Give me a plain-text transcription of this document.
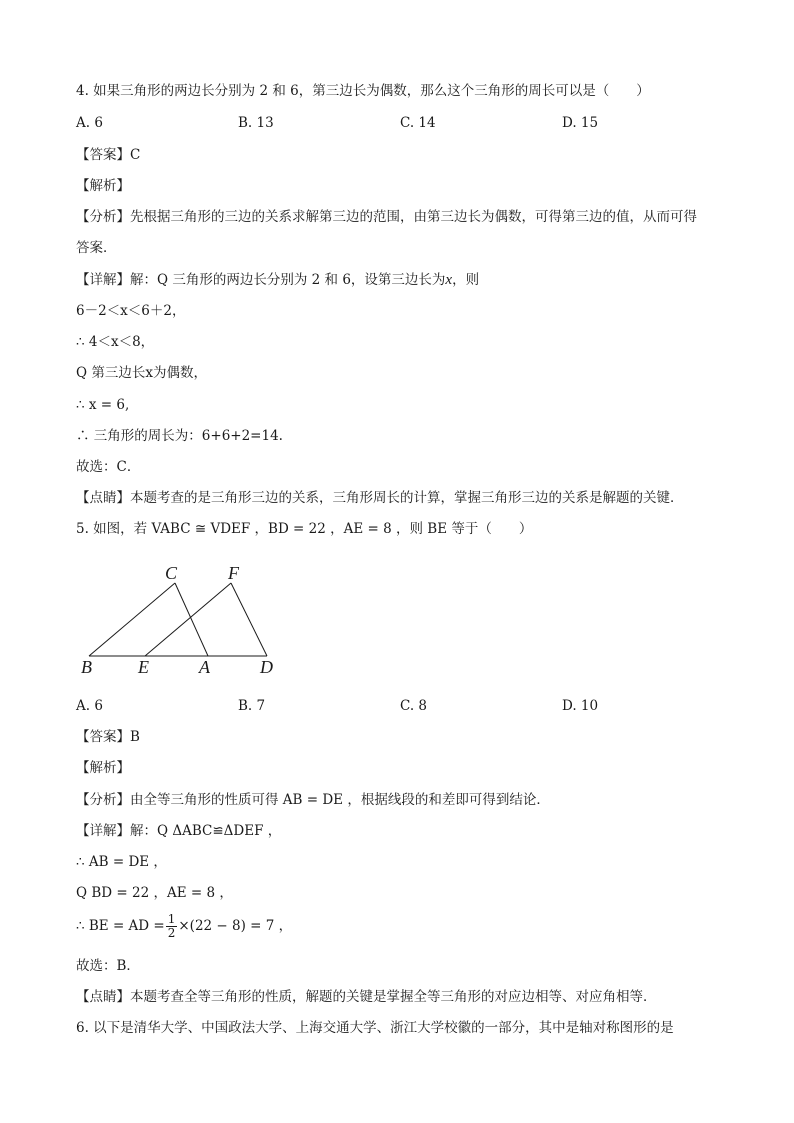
4. 如果三角形的两边长分别为 2 和 6，第三边长为偶数，那么这个三角形的周长可以是（　　）
A. 6	B. 13	C. 14	D. 15
【答案】C
【解析】
【分析】先根据三角形的三边的关系求解第三边的范围，由第三边长为偶数，可得第三边的值，从而可得
答案．
【详解】解：Q 三角形的两边长分别为 2 和 6，设第三边长为x，则
6－2＜x＜6＋2，
∴ 4＜x＜8，
Q 第三边长x为偶数，
∴ x = 6,
∴ 三角形的周长为：6+6+2=14.
故选：C．
【点睛】本题考查的是三角形三边的关系，三角形周长的计算，掌握三角形三边的关系是解题的关键．
5. 如图，若 VABC ≅ VDEF ，BD = 22 ，AE = 8 ，则 BE 等于（　　）
C	F
B	E	A	D
A. 6	B. 7	C. 8	D. 10
【答案】B
【解析】
【分析】由全等三角形的性质可得 AB = DE ，根据线段的和差即可得到结论．
【详解】解：Q ΔABC≌ΔDEF ，
∴ AB = DE ，
Q BD = 22 ，AE = 8 ，
∴ BE = AD = $\frac{1}{2} \times(22 - 8) = 7$ ，
故选：B．
【点睛】本题考查全等三角形的性质，解题的关键是掌握全等三角形的对应边相等、对应角相等．
6. 以下是清华大学、中国政法大学、上海交通大学、浙江大学校徽的一部分，其中是轴对称图形的是
